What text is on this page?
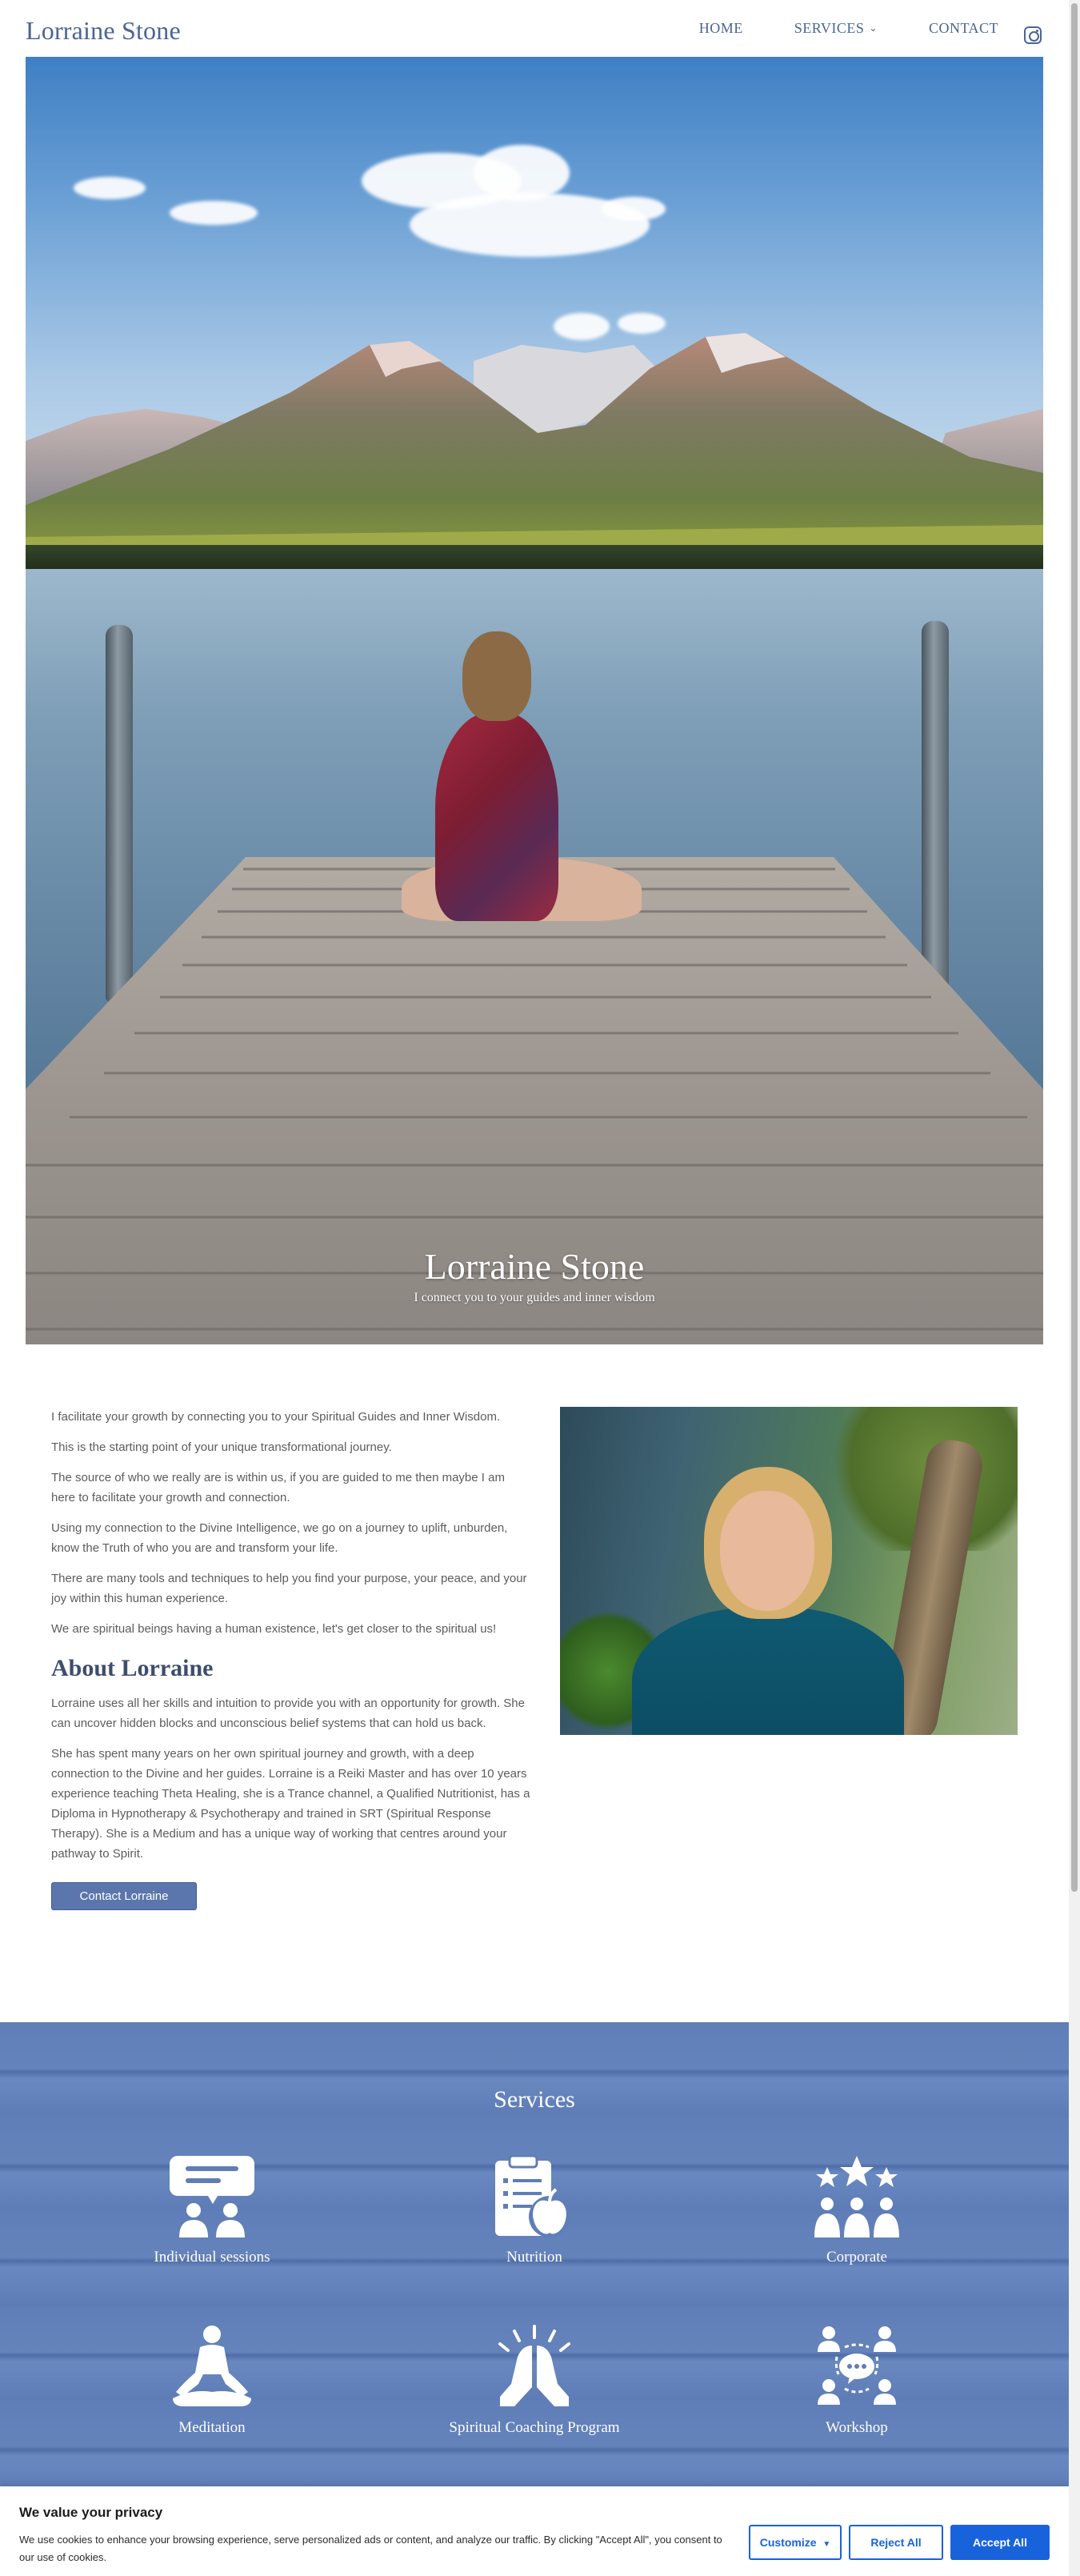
Lorraine Stone	HOME	SERVICES ⌄	CONTACT
Lorraine Stone
I connect you to your guides and inner wisdom

I facilitate your growth by connecting you to your Spiritual Guides and Inner Wisdom.

This is the starting point of your unique transformational journey.

The source of who we really are is within us, if you are guided to me then maybe I am here to facilitate your growth and connection.

Using my connection to the Divine Intelligence, we go on a journey to uplift, unburden, know the Truth of who you are and transform your life.

There are many tools and techniques to help you find your purpose, your peace, and your joy within this human experience.

We are spiritual beings having a human existence, let's get closer to the spiritual us!

About Lorraine

Lorraine uses all her skills and intuition to provide you with an opportunity for growth. She can uncover hidden blocks and unconscious belief systems that can hold us back.

She has spent many years on her own spiritual journey and growth, with a deep connection to the Divine and her guides. Lorraine is a Reiki Master and has over 10 years experience teaching Theta Healing, she is a Trance channel, a Qualified Nutritionist, has a Diploma in Hypnotherapy & Psychotherapy and trained in SRT (Spiritual Response Therapy). She is a Medium and has a unique way of working that centres around your pathway to Spirit.

Contact Lorraine
Services
Individual sessions	Nutrition	Corporate
Meditation	Spiritual Coaching Program	Workshop
We value your privacy
We use cookies to enhance your browsing experience, serve personalized ads or content, and analyze our traffic. By clicking "Accept All", you consent to our use of cookies.
Customize ▼	Reject All	Accept All
